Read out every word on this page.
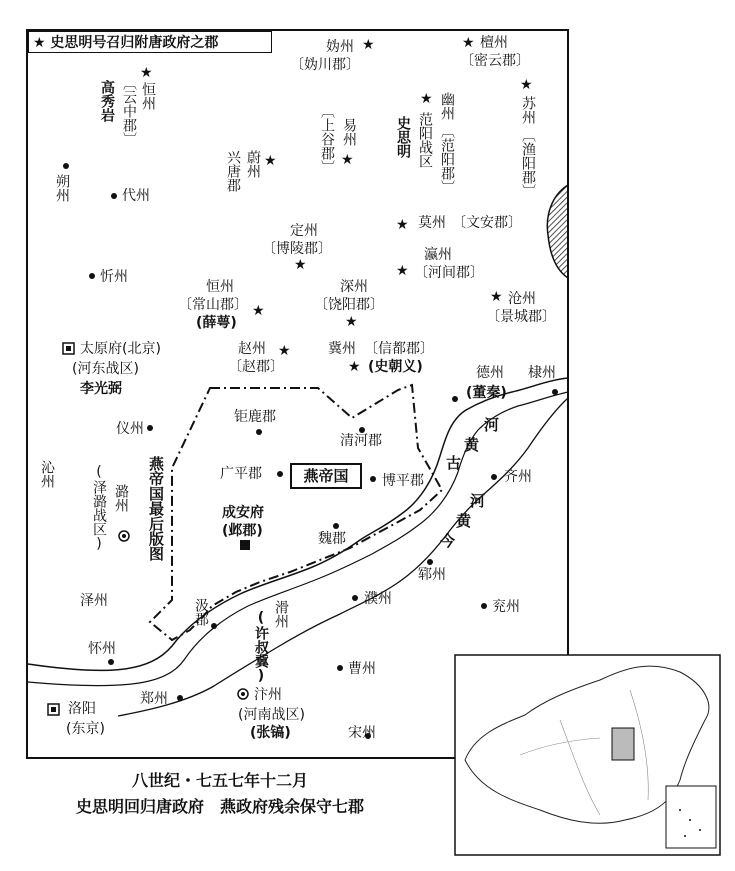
★ 史思明号召归附唐政府之郡
燕帝国
燕帝国最后版图
河
黄
古
河
黄
今
妫州 ★
〔妫川郡〕
★ 檀州
〔密云郡〕
★
恒州
〔云中郡〕
高秀岩	★
苏州
〔渔阳郡〕
★ 幽州
〔范阳郡〕
范阳战区
史思明
易州
〔上谷郡〕 ★
蔚州 ★
兴唐郡
朔州	代州
★ 莫州 〔文安郡〕
定州
〔博陵郡〕
★
瀛州
★ 〔河间郡〕
忻州
恒州
〔常山郡〕
(薛萼)
★
深州
〔饶阳郡〕
★
★ 沧州
〔景城郡〕
太原府(北京)
(河东战区)
李光弼
赵州 ★
〔赵郡〕
冀州 〔信都郡〕
★ (史朝义)	德州 棣州
(董秦)
钜鹿郡
仪州
清河郡
沁州	(泽潞战区) 潞州
广平郡	博平郡	齐州
成安府
(邺郡)	魏郡
郓州
泽州	濮州	兖州
汲郡	滑州
(许叔冀)
怀州
曹州
郑州	汴州
(河南战区)
(张镐)
洛阳
(东京)	宋州
八世纪・七五七年十二月
史思明回归唐政府　燕政府残余保守七郡
